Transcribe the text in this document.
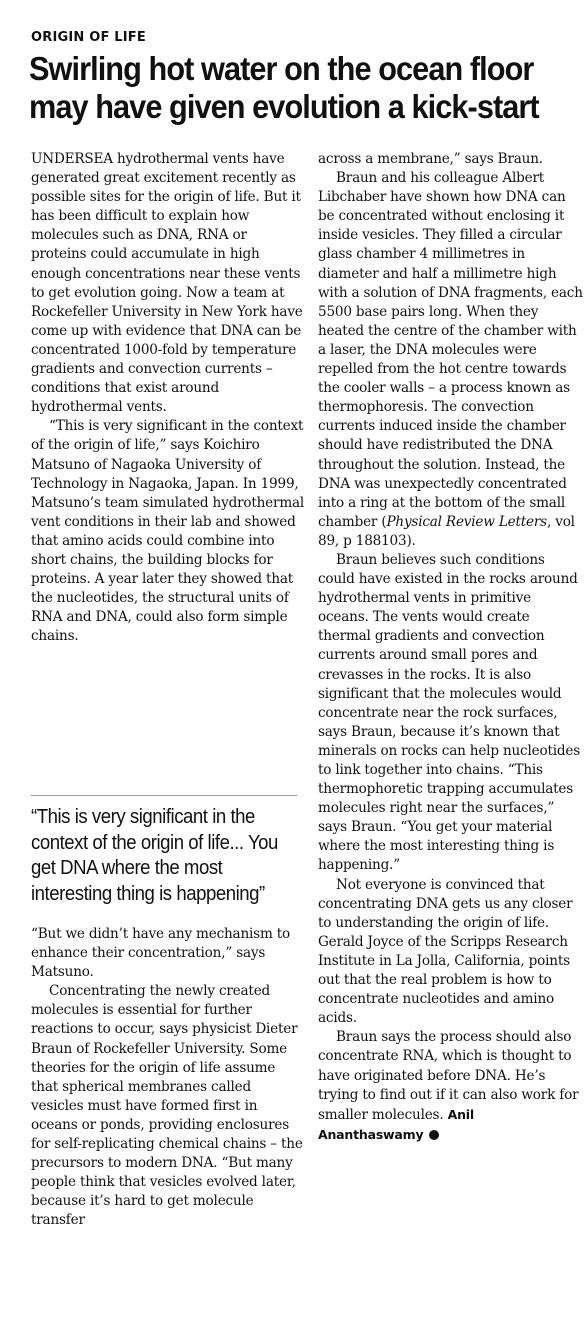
ORIGIN OF LIFE
Swirling hot water on the ocean floor may have given evolution a kick-start

UNDERSEA hydrothermal vents have generated great excitement recently as possible sites for the origin of life. But it has been difficult to explain how molecules such as DNA, RNA or proteins could accumulate in high enough concentrations near these vents to get evolution going. Now a team at Rockefeller University in New York have come up with evidence that DNA can be concentrated 1000-fold by temperature gradients and convection currents – conditions that exist around hydrothermal vents.

“This is very significant in the context of the origin of life,” says Koichiro Matsuno of Nagaoka University of Technology in Nagaoka, Japan. In 1999, Matsuno’s team simulated hydrothermal vent conditions in their lab and showed that amino acids could combine into short chains, the building blocks for proteins. A year later they showed that the nucleotides, the structural units of RNA and DNA, could also form simple chains.

“This is very significant in the context of the origin of life... You get DNA where the most interesting thing is happening”

“But we didn’t have any mechanism to enhance their concentration,” says Matsuno.

Concentrating the newly created molecules is essential for further reactions to occur, says physicist Dieter Braun of Rockefeller University. Some theories for the origin of life assume that spherical membranes called vesicles must have formed first in oceans or ponds, providing enclosures for self-replicating chemical chains – the precursors to modern DNA. “But many people think that vesicles evolved later, because it’s hard to get molecule transfer

across a membrane,” says Braun.

Braun and his colleague Albert Libchaber have shown how DNA can be concentrated without enclosing it inside vesicles. They filled a circular glass chamber 4 millimetres in diameter and half a millimetre high with a solution of DNA fragments, each 5500 base pairs long. When they heated the centre of the chamber with a laser, the DNA molecules were repelled from the hot centre towards the cooler walls – a process known as thermophoresis. The convection currents induced inside the chamber should have redistributed the DNA throughout the solution. Instead, the DNA was unexpectedly concentrated into a ring at the bottom of the small chamber (Physical Review Letters, vol 89, p 188103).

Braun believes such conditions could have existed in the rocks around hydrothermal vents in primitive oceans. The vents would create thermal gradients and convection currents around small pores and crevasses in the rocks. It is also significant that the molecules would concentrate near the rock surfaces, says Braun, because it’s known that minerals on rocks can help nucleotides to link together into chains. “This thermophoretic trapping accumulates molecules right near the surfaces,” says Braun. “You get your material where the most interesting thing is happening.”

Not everyone is convinced that concentrating DNA gets us any closer to understanding the origin of life. Gerald Joyce of the Scripps Research Institute in La Jolla, California, points out that the real problem is how to concentrate nucleotides and amino acids.

Braun says the process should also concentrate RNA, which is thought to have originated before DNA. He’s trying to find out if it can also work for smaller molecules. Anil Ananthaswamy
